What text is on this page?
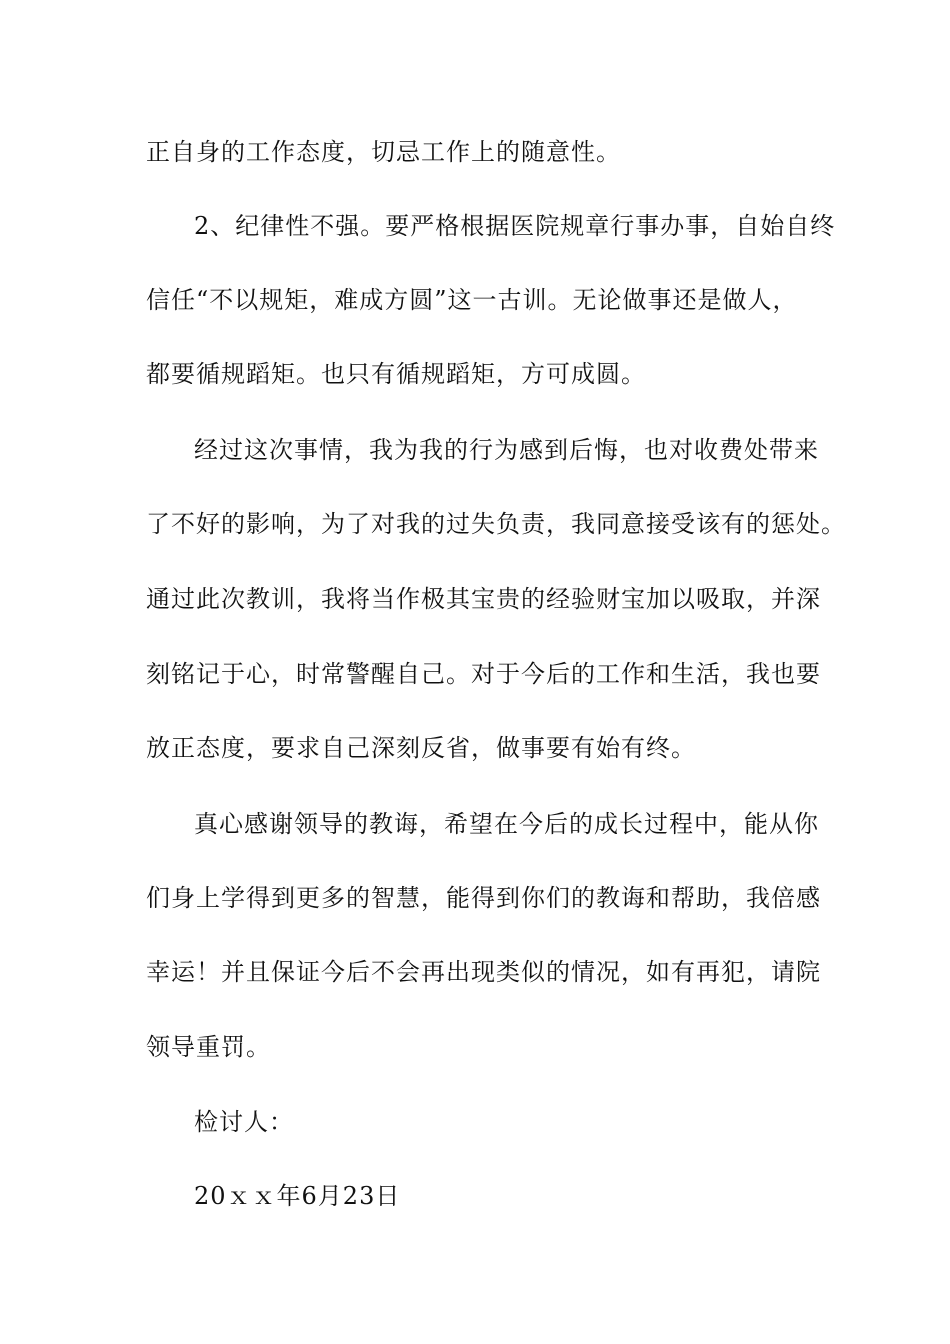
正自身的工作态度，切忌工作上的随意性。
2、纪律性不强。要严格根据医院规章行事办事，自始自终
信任“不以规矩，难成方圆”这一古训。无论做事还是做人，
都要循规蹈矩。也只有循规蹈矩，方可成圆。
经过这次事情，我为我的行为感到后悔，也对收费处带来
了不好的影响，为了对我的过失负责，我同意接受该有的惩处。
通过此次教训，我将当作极其宝贵的经验财宝加以吸取，并深
刻铭记于心，时常警醒自己。对于今后的工作和生活，我也要
放正态度，要求自己深刻反省，做事要有始有终。
真心感谢领导的教诲，希望在今后的成长过程中，能从你
们身上学得到更多的智慧，能得到你们的教诲和帮助，我倍感
幸运！并且保证今后不会再出现类似的情况，如有再犯，请院
领导重罚。
检讨人：
20ｘｘ年6月23日
